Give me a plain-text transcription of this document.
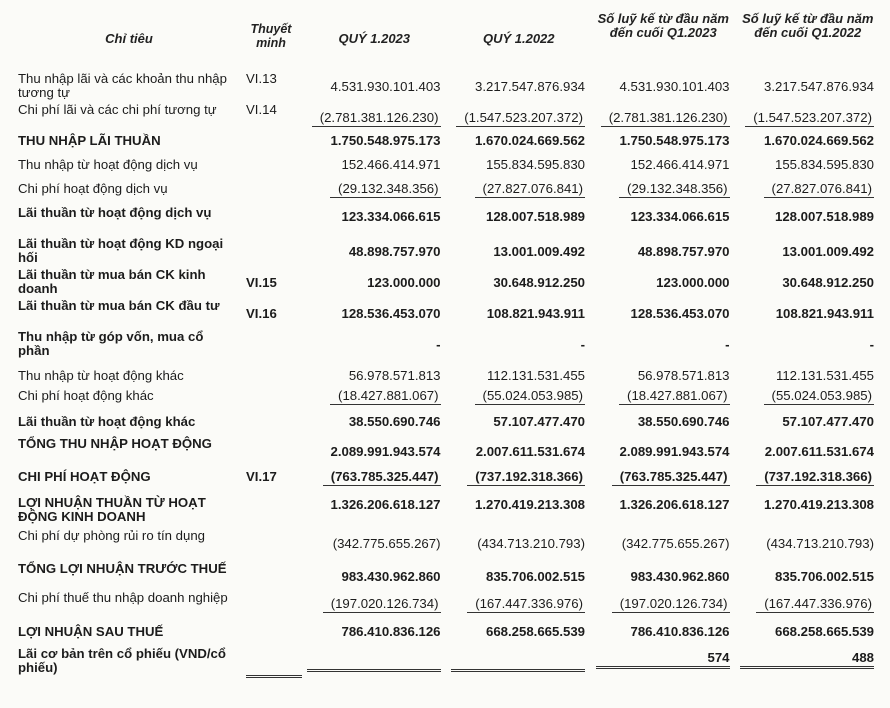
Chỉ tiêu	Thuyết minh	QUÝ 1.2023	QUÝ 1.2022	Số luỹ kế từ đầu năm đến cuối Q1.2023	Số luỹ kế từ đầu năm đến cuối Q1.2022
Thu nhập lãi và các khoản thu nhập tương tự	VI.13	4.531.930.101.403	3.217.547.876.934	4.531.930.101.403	3.217.547.876.934
Chi phí lãi và các chi phí tương tự	VI.14	(2.781.381.126.230)	(1.547.523.207.372)	(2.781.381.126.230)	(1.547.523.207.372)
THU NHẬP LÃI THUẦN		1.750.548.975.173	1.670.024.669.562	1.750.548.975.173	1.670.024.669.562
Thu nhập từ hoạt động dịch vụ		152.466.414.971	155.834.595.830	152.466.414.971	155.834.595.830
Chi phí hoạt động dịch vụ		(29.132.348.356)	(27.827.076.841)	(29.132.348.356)	(27.827.076.841)
Lãi thuần từ hoạt động dịch vụ		123.334.066.615	128.007.518.989	123.334.066.615	128.007.518.989
Lãi thuần từ hoạt động KD ngoại hối		48.898.757.970	13.001.009.492	48.898.757.970	13.001.009.492
Lãi thuần từ mua bán CK kinh doanh	VI.15	123.000.000	30.648.912.250	123.000.000	30.648.912.250
Lãi thuần từ mua bán CK đầu tư	VI.16	128.536.453.070	108.821.943.911	128.536.453.070	108.821.943.911
Thu nhập từ góp vốn, mua cổ phần		-	-	-	-
Thu nhập từ hoạt động khác		56.978.571.813	112.131.531.455	56.978.571.813	112.131.531.455
Chi phí hoạt động khác		(18.427.881.067)	(55.024.053.985)	(18.427.881.067)	(55.024.053.985)
Lãi thuần từ hoạt động khác		38.550.690.746	57.107.477.470	38.550.690.746	57.107.477.470
TỔNG THU NHẬP HOẠT ĐỘNG		2.089.991.943.574	2.007.611.531.674	2.089.991.943.574	2.007.611.531.674
CHI PHÍ HOẠT ĐỘNG	VI.17	(763.785.325.447)	(737.192.318.366)	(763.785.325.447)	(737.192.318.366)
LỢI NHUẬN THUẦN TỪ HOẠT ĐỘNG KINH DOANH		1.326.206.618.127	1.270.419.213.308	1.326.206.618.127	1.270.419.213.308
Chi phí dự phòng rủi ro tín dụng		(342.775.655.267)	(434.713.210.793)	(342.775.655.267)	(434.713.210.793)
TỔNG LỢI NHUẬN TRƯỚC THUẾ		983.430.962.860	835.706.002.515	983.430.962.860	835.706.002.515
Chi phí thuế thu nhập doanh nghiệp		(197.020.126.734)	(167.447.336.976)	(197.020.126.734)	(167.447.336.976)
LỢI NHUẬN SAU THUẾ		786.410.836.126	668.258.665.539	786.410.836.126	668.258.665.539
Lãi cơ bản trên cổ phiếu (VND/cổ phiếu)				574	488
